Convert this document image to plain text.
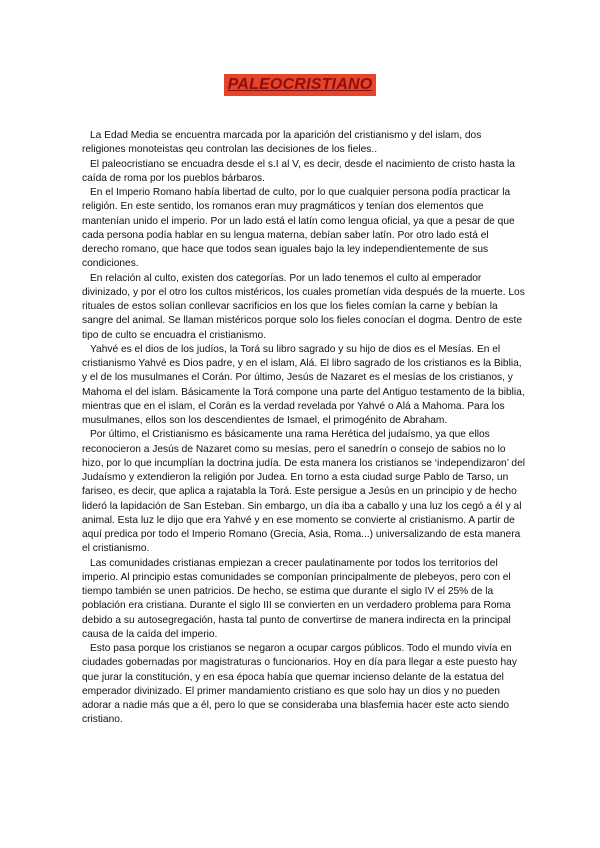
PALEOCRISTIANO

La Edad Media se encuentra marcada por la aparición del cristianismo y del islam, dos religiones monoteistas qeu controlan las decisiones de los fieles..

El paleocristiano se encuadra desde el s.I al V, es decir, desde el nacimiento de cristo hasta la caída de roma por los pueblos bárbaros.

En el Imperio Romano había libertad de culto, por lo que cualquier persona podía practicar la religión. En este sentido, los romanos eran muy pragmáticos y tenían dos elementos que mantenían unido el imperio. Por un lado está el latín como lengua oficial, ya que a pesar de que cada persona podía hablar en su lengua materna, debían saber latín. Por otro lado está el derecho romano, que hace que todos sean iguales bajo la ley independientemente de sus condiciones.

En relación al culto, existen dos categorías. Por un lado tenemos el culto al emperador divinizado, y por el otro los cultos mistéricos, los cuales prometían vida después de la muerte. Los rituales de estos solían conllevar sacrificios en los que los fieles comían la carne y bebían la sangre del animal. Se llaman mistéricos porque solo los fieles conocían el dogma. Dentro de este tipo de culto se encuadra el cristianismo.

Yahvé es el dios de los judíos, la Torá su libro sagrado y su hijo de dios es el Mesías. En el cristianismo Yahvé es Dios padre, y en el islam, Alá. El libro sagrado de los cristianos es la Biblia, y el de los musulmanes el Corán. Por último, Jesús de Nazaret es el mesías de los cristianos, y Mahoma el del islam. Básicamente la Torá compone una parte del Antiguo testamento de la biblia, mientras que en el islam, el Corán es la verdad revelada por Yahvé o Alá a Mahoma. Para los musulmanes, ellos son los descendientes de Ismael, el primogénito de Abraham.

Por último, el Cristianismo es básicamente una rama Herética del judaísmo, ya que ellos reconocieron a Jesús de Nazaret como su mesías, pero el sanedrín o consejo de sabios no lo hizo, por lo que incumplían la doctrina judía. De esta manera los cristianos se ‘independizaron’ del Judaísmo y extendieron la religión por Judea. En torno a esta ciudad surge Pablo de Tarso, un fariseo, es decir, que aplica a rajatabla la Torá. Este persigue a Jesús en un principio y de hecho lideró la lapidación de San Esteban. Sin embargo, un día iba a caballo y una luz los cegó a él y al animal. Esta luz le dijo que era Yahvé y en ese momento se convierte al cristianismo. A partir de aquí predica por todo el Imperio Romano (Grecia, Asia, Roma...) universalizando de esta manera el cristianismo.

Las comunidades cristianas empiezan a crecer paulatinamente por todos los territorios del imperio. Al principio estas comunidades se componían principalmente de plebeyos, pero con el tiempo también se unen patricios. De hecho, se estima que durante el siglo IV el 25% de la población era cristiana. Durante el siglo III se convierten en un verdadero problema para Roma debido a su autosegregación, hasta tal punto de convertirse de manera indirecta en la principal causa de la caída del imperio.

Esto pasa porque los cristianos se negaron a ocupar cargos públicos. Todo el mundo vivía en ciudades gobernadas por magistraturas o funcionarios. Hoy en día para llegar a este puesto hay que jurar la constitución, y en esa época había que quemar incienso delante de la estatua del emperador divinizado. El primer mandamiento cristiano es que solo hay un dios y no pueden adorar a nadie más que a él, pero lo que se consideraba una blasfemia hacer este acto siendo cristiano.
